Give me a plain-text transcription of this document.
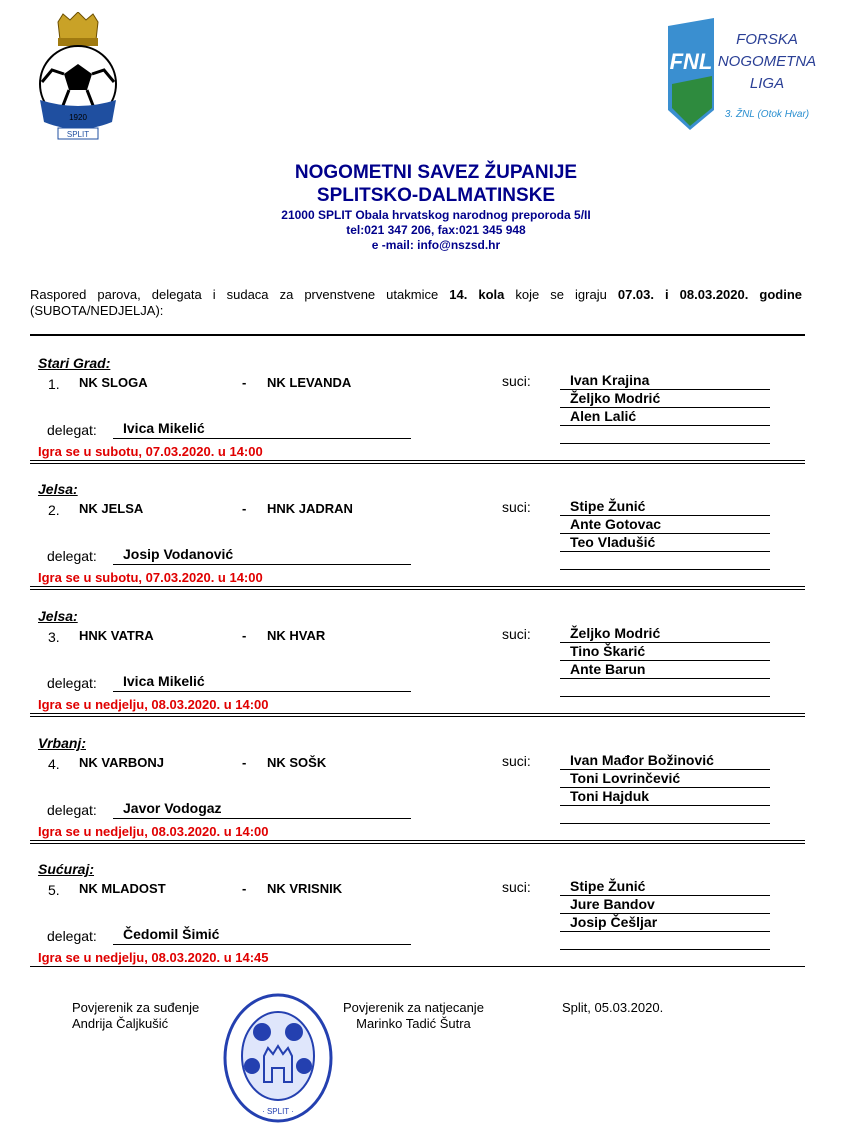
1920
SPLIT
FNL
FORSKA
NOGOMETNA
LIGA
3. ŽNL (Otok Hvar)
NOGOMETNI SAVEZ ŽUPANIJE
SPLITSKO-DALMATINSKE
21000 SPLIT Obala hrvatskog narodnog preporoda 5/II
tel:021 347 206, fax:021 345 948
e -mail: info@nszsd.hr
Raspored parova, delegata i sudaca za prvenstvene utakmice 14. kola koje se igraju 07.03. i 08.03.2020. godine (SUBOTA/NEDJELJA):
Stari Grad:
1. NK SLOGA	- NK LEVANDA	suci:	Ivan Krajina
Željko Modrić
Alen Lalić
delegat: Ivica Mikelić
Igra se u subotu, 07.03.2020. u 14:00
Jelsa:
2. NK JELSA	- HNK JADRAN	suci:	Stipe Žunić
Ante Gotovac
Teo Vladušić
delegat: Josip Vodanović
Igra se u subotu, 07.03.2020. u 14:00
Jelsa:
3. HNK VATRA	- NK HVAR	suci:	Željko Modrić
Tino Škarić
Ante Barun
delegat: Ivica Mikelić
Igra se u nedjelju, 08.03.2020. u 14:00
Vrbanj:
4. NK VARBONJ	- NK SOŠK	suci:	Ivan Mađor Božinović
Toni Lovrinčević
Toni Hajduk
delegat: Javor Vodogaz
Igra se u nedjelju, 08.03.2020. u 14:00
Sućuraj:
5. NK MLADOST	- NK VRISNIK	suci:	Stipe Žunić
Jure Bandov
Josip Češljar
delegat: Čedomil Šimić
Igra se u nedjelju, 08.03.2020. u 14:45
Povjerenik za suđenje
Andrija Čaljkušić
· SPLIT ·
Povjerenik za natjecanje
Marinko Tadić Šutra
Split, 05.03.2020.
